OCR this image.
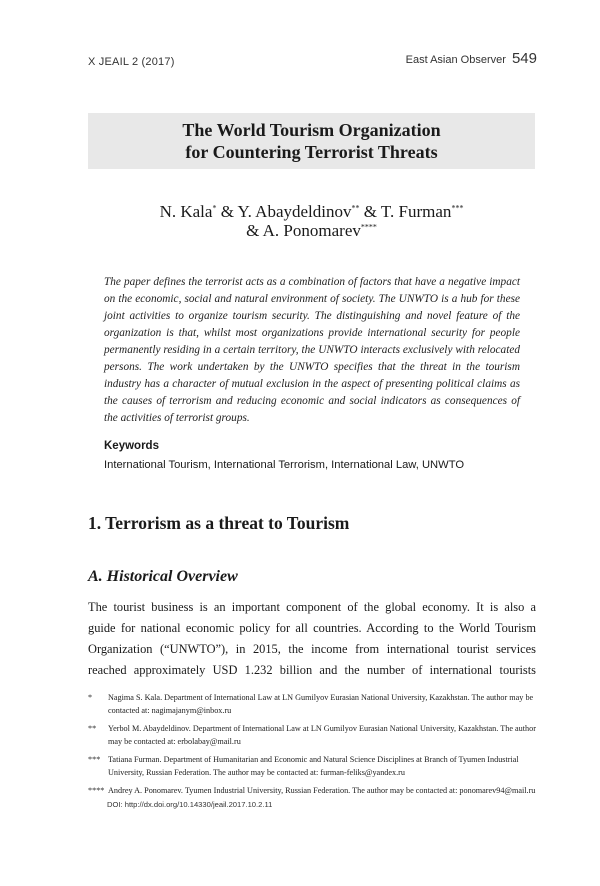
X JEAIL 2 (2017)	East Asian Observer 549
The World Tourism Organization
for Countering Terrorist Threats
N. Kala* & Y. Abaydeldinov** & T. Furman***
& A. Ponomarev****
The paper defines the terrorist acts as a combination of factors that have a negative impact on the economic, social and natural environment of society. The UNWTO is a hub for these joint activities to organize tourism security. The distinguishing and novel feature of the organization is that, whilst most organizations provide international security for people permanently residing in a certain territory, the UNWTO interacts exclusively with relocated persons. The work undertaken by the UNWTO specifies that the threat in the tourism industry has a character of mutual exclusion in the aspect of presenting political claims as the causes of terrorism and reducing economic and social indicators as consequences of the activities of terrorist groups.
Keywords
International Tourism, International Terrorism, International Law, UNWTO
1. Terrorism as a threat to Tourism
A. Historical Overview
The tourist business is an important component of the global economy. It is also a
guide for national economic policy for all countries. According to the World Tourism
Organization (“UNWTO”), in 2015, the income from international tourist services
reached approximately USD 1.232 billion and the number of international tourists
*	Nagima S. Kala. Department of International Law at LN Gumilyov Eurasian National University, Kazakhstan. The author may be contacted at: nagimajanym@inbox.ru
**	Yerbol M. Abaydeldinov. Department of International Law at LN Gumilyov Eurasian National University, Kazakhstan. The author may be contacted at: erbolabay@mail.ru
*** Tatiana Furman. Department of Humanitarian and Economic and Natural Science Disciplines at Branch of Tyumen Industrial University, Russian Federation. The author may be contacted at: furman-feliks@yandex.ru
**** Andrey A. Ponomarev. Tyumen Industrial University, Russian Federation. The author may be contacted at: ponomarev94@mail.ru
DOI: http://dx.doi.org/10.14330/jeail.2017.10.2.11
